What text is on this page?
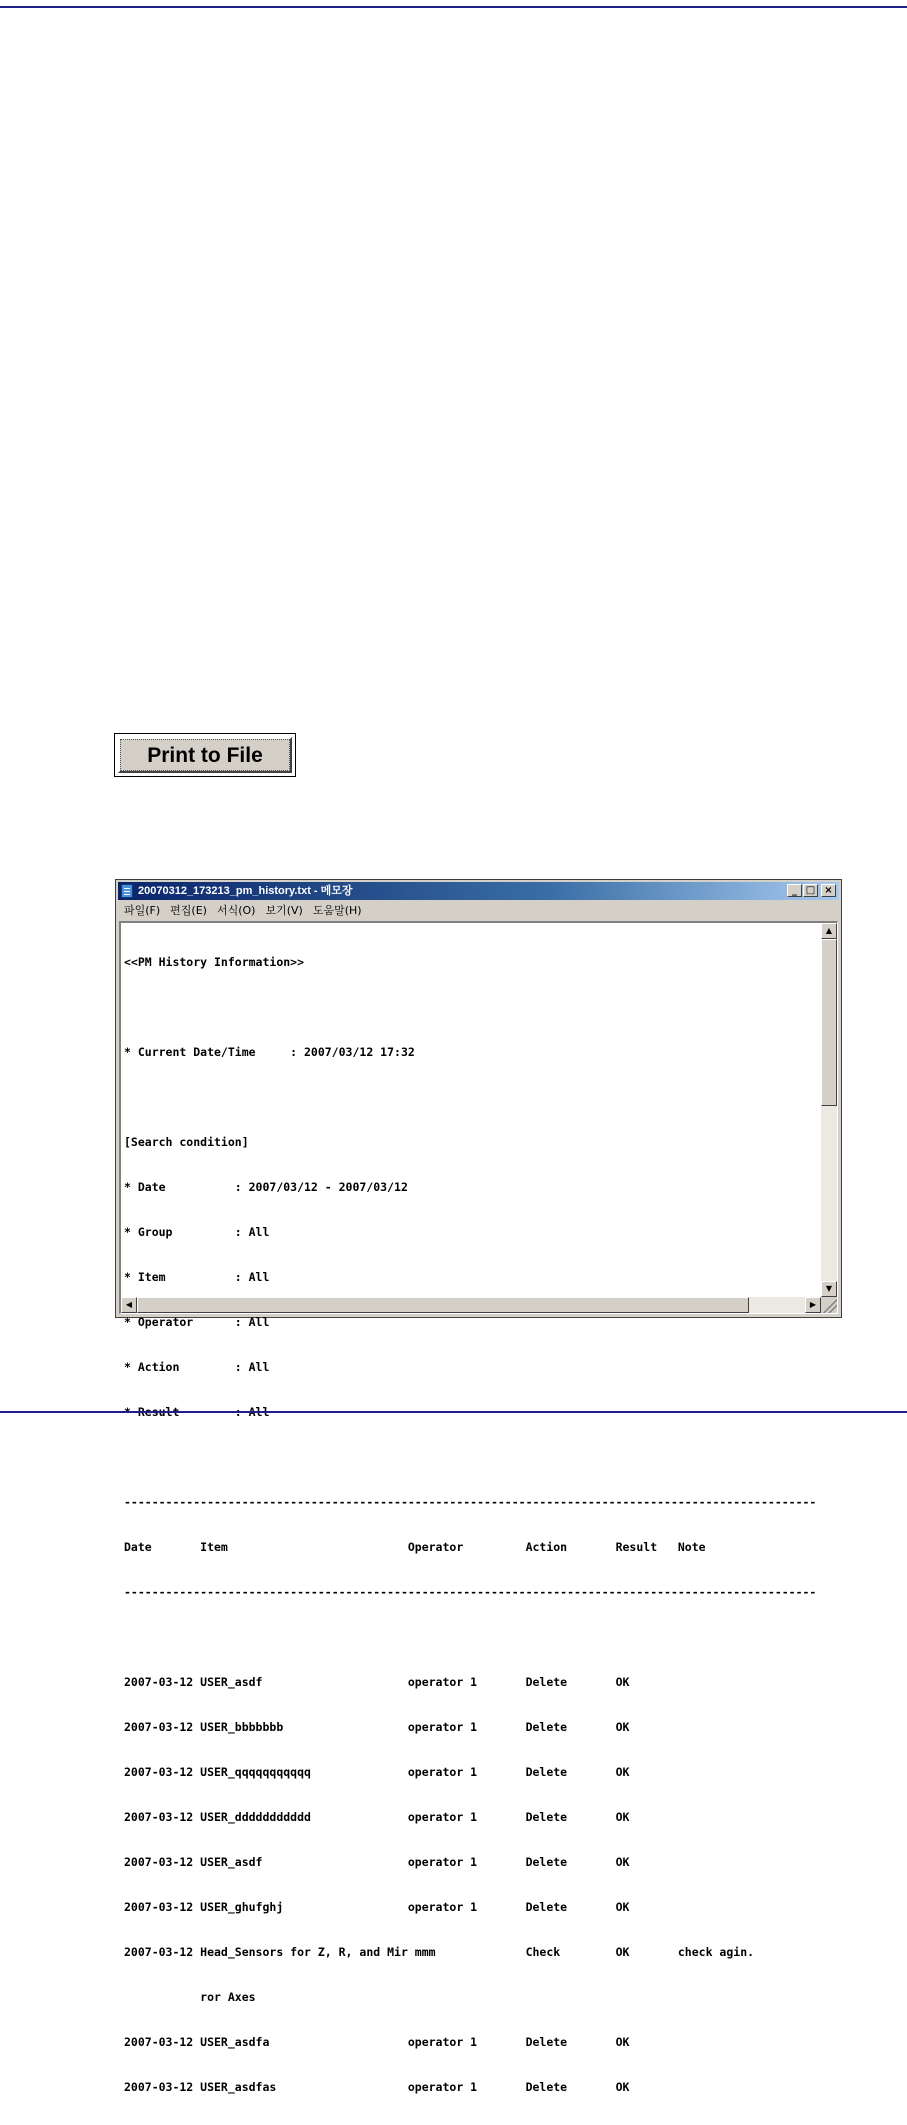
Print to File
20070312_173213_pm_history.txt - 메모장	_ □ ×
파일(F) 편집(E) 서식(O) 보기(V) 도움말(H)

<<PM History Information>>

* Current Date/Time     : 2007/03/12 17:32

[Search condition]

* Date          : 2007/03/12 - 2007/03/12

* Group         : All

* Item          : All

* Operator      : All

* Action        : All

----------------------------------------------------------------------------------------------------

Date       Item                          Operator         Action       Result   Note

----------------------------------------------------------------------------------------------------

2007-03-12 USER_asdf                     operator 1       Delete       OK

2007-03-12 USER_bbbbbbb                  operator 1       Delete       OK

2007-03-12 USER_qqqqqqqqqqq              operator 1       Delete       OK

2007-03-12 USER_ddddddddddd              operator 1       Delete       OK

2007-03-12 USER_asdf                     operator 1       Delete       OK

2007-03-12 USER_ghufghj                  operator 1       Delete       OK

2007-03-12 Head_Sensors for Z, R, and Mir mmm             Check        OK       check agin.

ror Axes

2007-03-12 USER_asdfa                    operator 1       Delete       OK

2007-03-12 USER_asdfas                   operator 1       Delete       OK

▲
▼
◀	▶
